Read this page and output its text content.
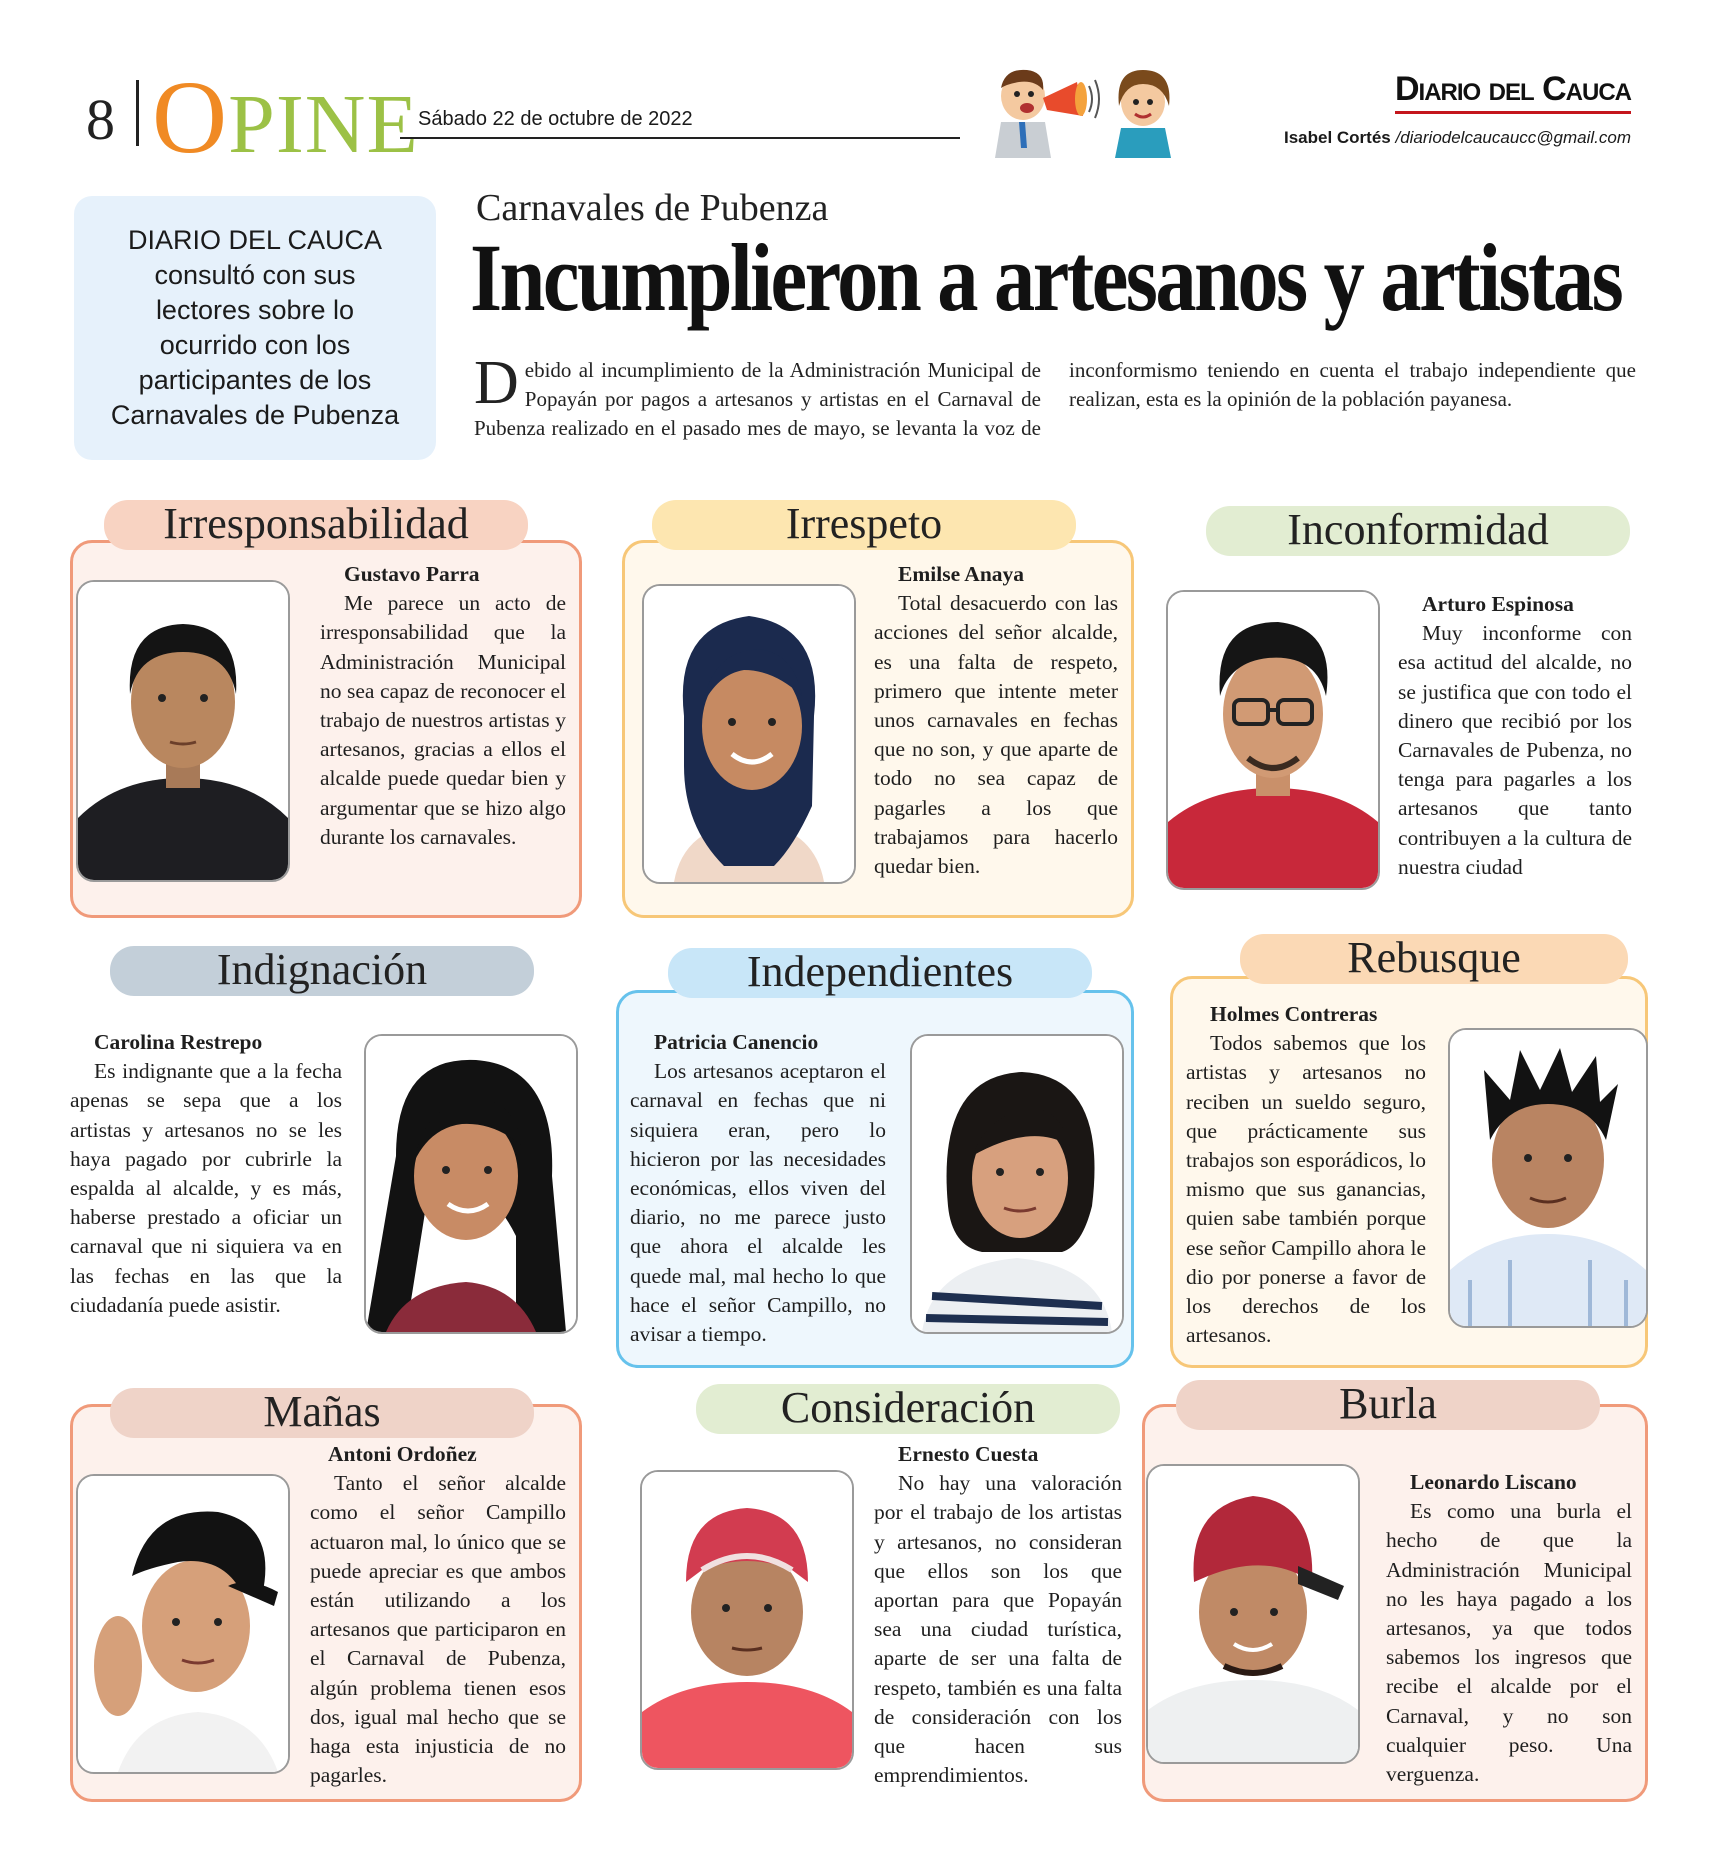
8 OPINE Sábado 22 de octubre de 2022
Diario del Cauca
Isabel Cortés /diariodelcaucaucc@gmail.com

DIARIO DEL CAUCA consultó con sus lectores sobre lo ocurrido con los participantes de los Carnavales de Pubenza

Carnavales de Pubenza
Incumplieron a artesanos y artistas
Debido al incumplimiento de la Administración Municipal de Popayán por pagos a artesanos y artistas en el Carnaval de Pubenza realizado en el pasado mes de mayo, se levanta la voz de inconformismo teniendo en cuenta el trabajo independiente que realizan, esta es la opinión de la población payanesa.
Irresponsabilidad
Gustavo Parra
Me parece un acto de irresponsabilidad que la Administración Municipal no sea capaz de reconocer el trabajo de nuestros artistas y artesanos, gracias a ellos el alcalde puede quedar bien y argumentar que se hizo algo durante los carnavales.
Irrespeto
Emilse Anaya
Total desacuerdo con las acciones del señor alcalde, es una falta de respeto, primero que intente meter unos carnavales en fechas que no son, y que aparte de todo no sea capaz de pagarles a los que trabajamos para hacerlo quedar bien.
Inconformidad
Arturo Espinosa
Muy inconforme con esa actitud del alcalde, no se justifica que con todo el dinero que recibió por los Carnavales de Pubenza, no tenga para pagarles a los artesanos que tanto contribuyen a la cultura de nuestra ciudad
Indignación
Carolina Restrepo
Es indignante que a la fecha apenas se sepa que a los artistas y artesanos no se les haya pagado por cubrirle la espalda al alcalde, y es más, haberse prestado a oficiar un carnaval que ni siquiera va en las fechas en las que la ciudadanía puede asistir.
Independientes
Patricia Canencio
Los artesanos aceptaron el carnaval en fechas que ni siquiera eran, pero lo hicieron por las necesidades económicas, ellos viven del diario, no me parece justo que ahora el alcalde les quede mal, mal hecho lo que hace el señor Campillo, no avisar a tiempo.
Rebusque
Holmes Contreras
Todos sabemos que los artistas y artesanos no reciben un sueldo seguro, que prácticamente sus trabajos son esporádicos, lo mismo que sus ganancias, quien sabe también porque ese señor Campillo ahora le dio por ponerse a favor de los derechos de los artesanos.
Mañas
Antoni Ordoñez
Tanto el señor alcalde como el señor Campillo actuaron mal, lo único que se puede apreciar es que ambos están utilizando a los artesanos que participaron en el Carnaval de Pubenza, algún problema tienen esos dos, igual mal hecho que se haga esta injusticia de no pagarles.
Consideración
Ernesto Cuesta
No hay una valoración por el trabajo de los artistas y artesanos, no consideran que ellos son los que aportan para que Popayán sea una ciudad turística, aparte de ser una falta de respeto, también es una falta de consideración con los que hacen sus emprendimientos.
Burla
Leonardo Liscano
Es como una burla el hecho de que la Administración Municipal no les haya pagado a los artesanos, ya que todos sabemos los ingresos que recibe el alcalde por el Carnaval, y no son cualquier peso. Una verguenza.
